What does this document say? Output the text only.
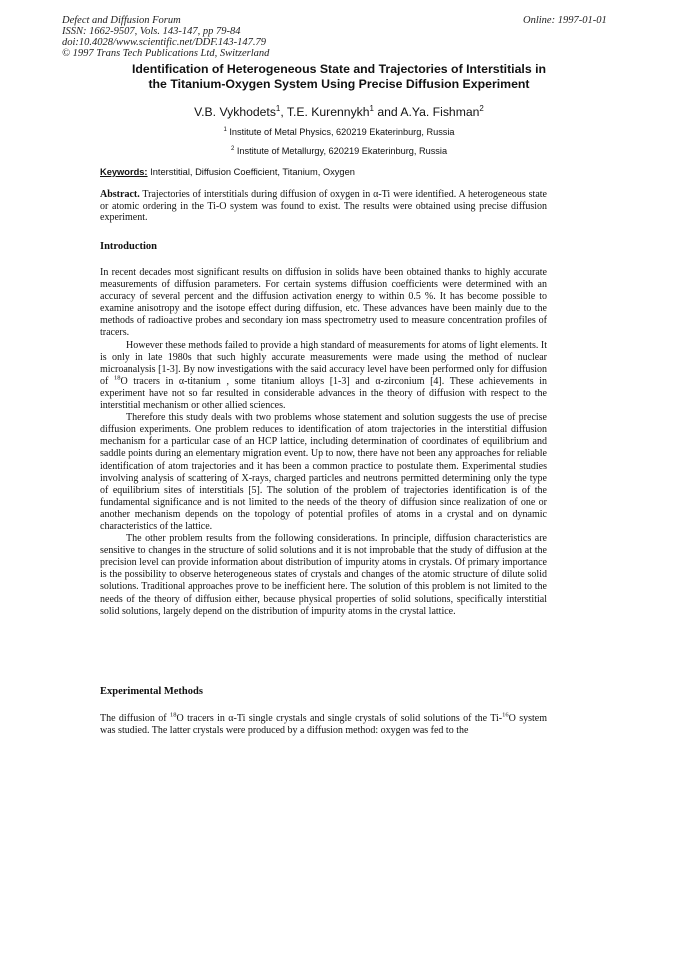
Defect and Diffusion Forum
ISSN: 1662-9507, Vols. 143-147, pp 79-84
doi:10.4028/www.scientific.net/DDF.143-147.79
© 1997 Trans Tech Publications Ltd, Switzerland
Online: 1997-01-01
Identification of Heterogeneous State and Trajectories of Interstitials in
the Titanium-Oxygen System Using Precise Diffusion Experiment
V.B. Vykhodets$^1$, T.E. Kurennykh$^1$ and A.Ya. Fishman$^2$
$^1$ Institute of Metal Physics, 620219 Ekaterinburg, Russia
$^2$ Institute of Metallurgy, 620219 Ekaterinburg, Russia
Keywords: Interstitial, Diffusion Coefficient, Titanium, Oxygen
Abstract. Trajectories of interstitials during diffusion of oxygen in α-Ti were identified. A heterogeneous state or atomic ordering in the Ti-O system was found to exist. The results were obtained using precise diffusion experiment.
Introduction

In recent decades most significant results on diffusion in solids have been obtained thanks to highly accurate measurements of diffusion parameters. For certain systems diffusion coefficients were determined with an accuracy of several percent and the diffusion activation energy to within 0.5 %. It has become possible to examine anisotropy and the isotope effect during diffusion, etc. These advances have been mainly due to the methods of radioactive probes and secondary ion mass spectrometry used to measure concentration profiles of tracers.

However these methods failed to provide a high standard of measurements for atoms of light elements. It is only in late 1980s that such highly accurate measurements were made using the method of nuclear microanalysis [1-3]. By now investigations with the said accuracy level have been performed only for diffusion of $^{18}$O tracers in α-titanium , some titanium alloys [1-3] and α-zirconium [4]. These achievements in experiment have not so far resulted in considerable advances in the theory of diffusion with respect to the interstitial mechanism or other allied sciences.

Therefore this study deals with two problems whose statement and solution suggests the use of precise diffusion experiments. One problem reduces to identification of atom trajectories in the interstitial diffusion mechanism for a particular case of an HCP lattice, including determination of coordinates of equilibrium and saddle points during an elementary migration event. Up to now, there have not been any approaches for reliable identification of atom trajectories and it has been a common practice to postulate them. Experimental studies involving analysis of scattering of X-rays, charged particles and neutrons permitted determining only the type of equilibrium sites of interstitials [5]. The solution of the problem of trajectories identification is of the fundamental significance and is not limited to the needs of the theory of diffusion since realization of one or another mechanism depends on the topology of potential profiles of atoms in a crystal and on dynamic characteristics of the lattice.

The other problem results from the following considerations. In principle, diffusion characteristics are sensitive to changes in the structure of solid solutions and it is not improbable that the study of diffusion at the precision level can provide information about distribution of impurity atoms in crystals. Of primary importance is the possibility to observe heterogeneous states of crystals and changes of the atomic structure of dilute solid solutions. Traditional approaches prove to be inefficient here. The solution of this problem is not limited to the needs of the theory of diffusion either, because physical properties of solid solutions, specifically interstitial solid solutions, largely depend on the distribution of impurity atoms in the crystal lattice.

Experimental Methods

The diffusion of $^{18}$O tracers in α-Ti single crystals and single crystals of solid solutions of the Ti-$^{16}$O system was studied. The latter crystals were produced by a diffusion method: oxygen was fed to the
